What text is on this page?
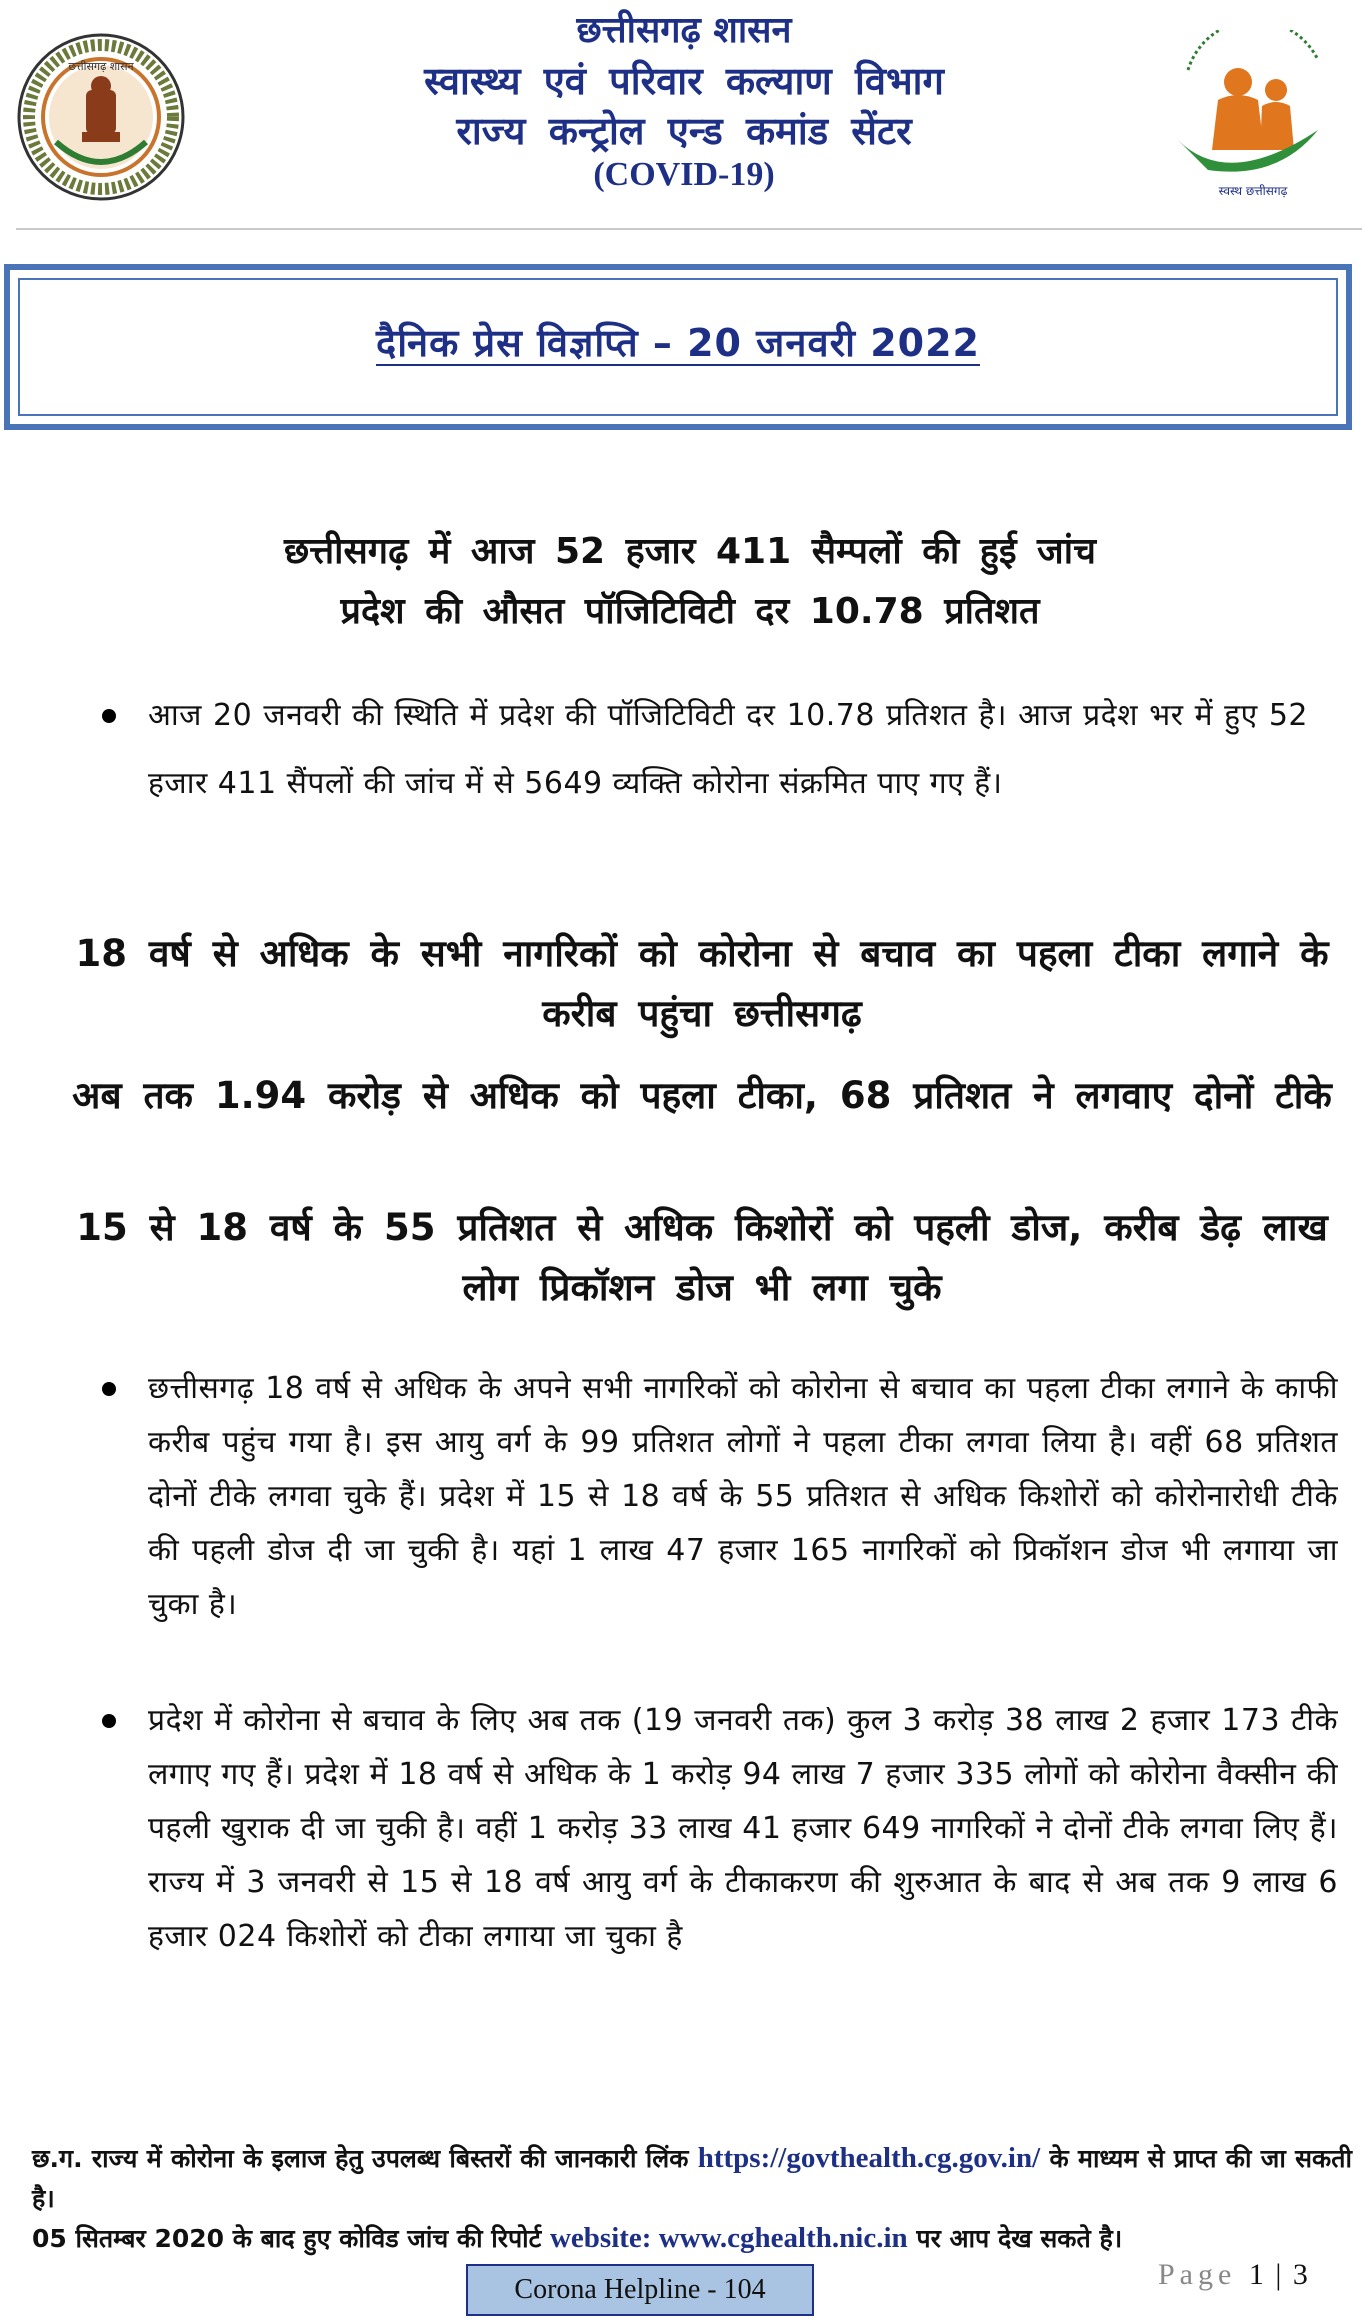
छत्तीसगढ़ शासन
छत्तीसगढ़ शासन
स्वास्थ्य एवं परिवार कल्याण विभाग
राज्य कन्ट्रोल एन्ड कमांड सेंटर
(COVID-19)	स्वस्थ छत्तीसगढ़
दैनिक प्रेस विज्ञप्ति – 20 जनवरी 2022
छत्तीसगढ़ में आज 52 हजार 411 सैम्पलों की हुई जांच
प्रदेश की औसत पॉजिटिविटी दर 10.78 प्रतिशत
आज 20 जनवरी की स्थिति में प्रदेश की पॉजिटिविटी दर 10.78 प्रतिशत है। आज प्रदेश भर में हुए 52 हजार 411 सैंपलों की जांच में से 5649 व्यक्ति कोरोना संक्रमित पाए गए हैं।
18 वर्ष से अधिक के सभी नागरिकों को कोरोना से बचाव का पहला टीका लगाने के करीब पहुंचा छत्तीसगढ़
अब तक 1.94 करोड़ से अधिक को पहला टीका, 68 प्रतिशत ने लगवाए दोनों टीके
15 से 18 वर्ष के 55 प्रतिशत से अधिक किशोरों को पहली डोज, करीब डेढ़ लाख लोग प्रिकॉशन डोज भी लगा चुके
छत्तीसगढ़ 18 वर्ष से अधिक के अपने सभी नागरिकों को कोरोना से बचाव का पहला टीका लगाने के काफी करीब पहुंच गया है। इस आयु वर्ग के 99 प्रतिशत लोगों ने पहला टीका लगवा लिया है। वहीं 68 प्रतिशत दोनों टीके लगवा चुके हैं। प्रदेश में 15 से 18 वर्ष के 55 प्रतिशत से अधिक किशोरों को कोरोनारोधी टीके की पहली डोज दी जा चुकी है। यहां 1 लाख 47 हजार 165 नागरिकों को प्रिकॉशन डोज भी लगाया जा चुका है।
प्रदेश में कोरोना से बचाव के लिए अब तक (19 जनवरी तक) कुल 3 करोड़ 38 लाख 2 हजार 173 टीके लगाए गए हैं। प्रदेश में 18 वर्ष से अधिक के 1 करोड़ 94 लाख 7 हजार 335 लोगों को कोरोना वैक्सीन की पहली खुराक दी जा चुकी है। वहीं 1 करोड़ 33 लाख 41 हजार 649 नागरिकों ने दोनों टीके लगवा लिए हैं। राज्य में 3 जनवरी से 15 से 18 वर्ष आयु वर्ग के टीकाकरण की शुरुआत के बाद से अब तक 9 लाख 6 हजार 024 किशोरों को टीका लगाया जा चुका है
छ.ग. राज्य में कोरोना के इलाज हेतु उपलब्ध बिस्तरों की जानकारी लिंक https://govthealth.cg.gov.in/ के माध्यम से प्राप्त की जा सकती है।
05 सितम्बर 2020 के बाद हुए कोविड जांच की रिपोर्ट website: www.cghealth.nic.in पर आप देख सकते है।
Corona Helpline - 104	Page 1 | 3
